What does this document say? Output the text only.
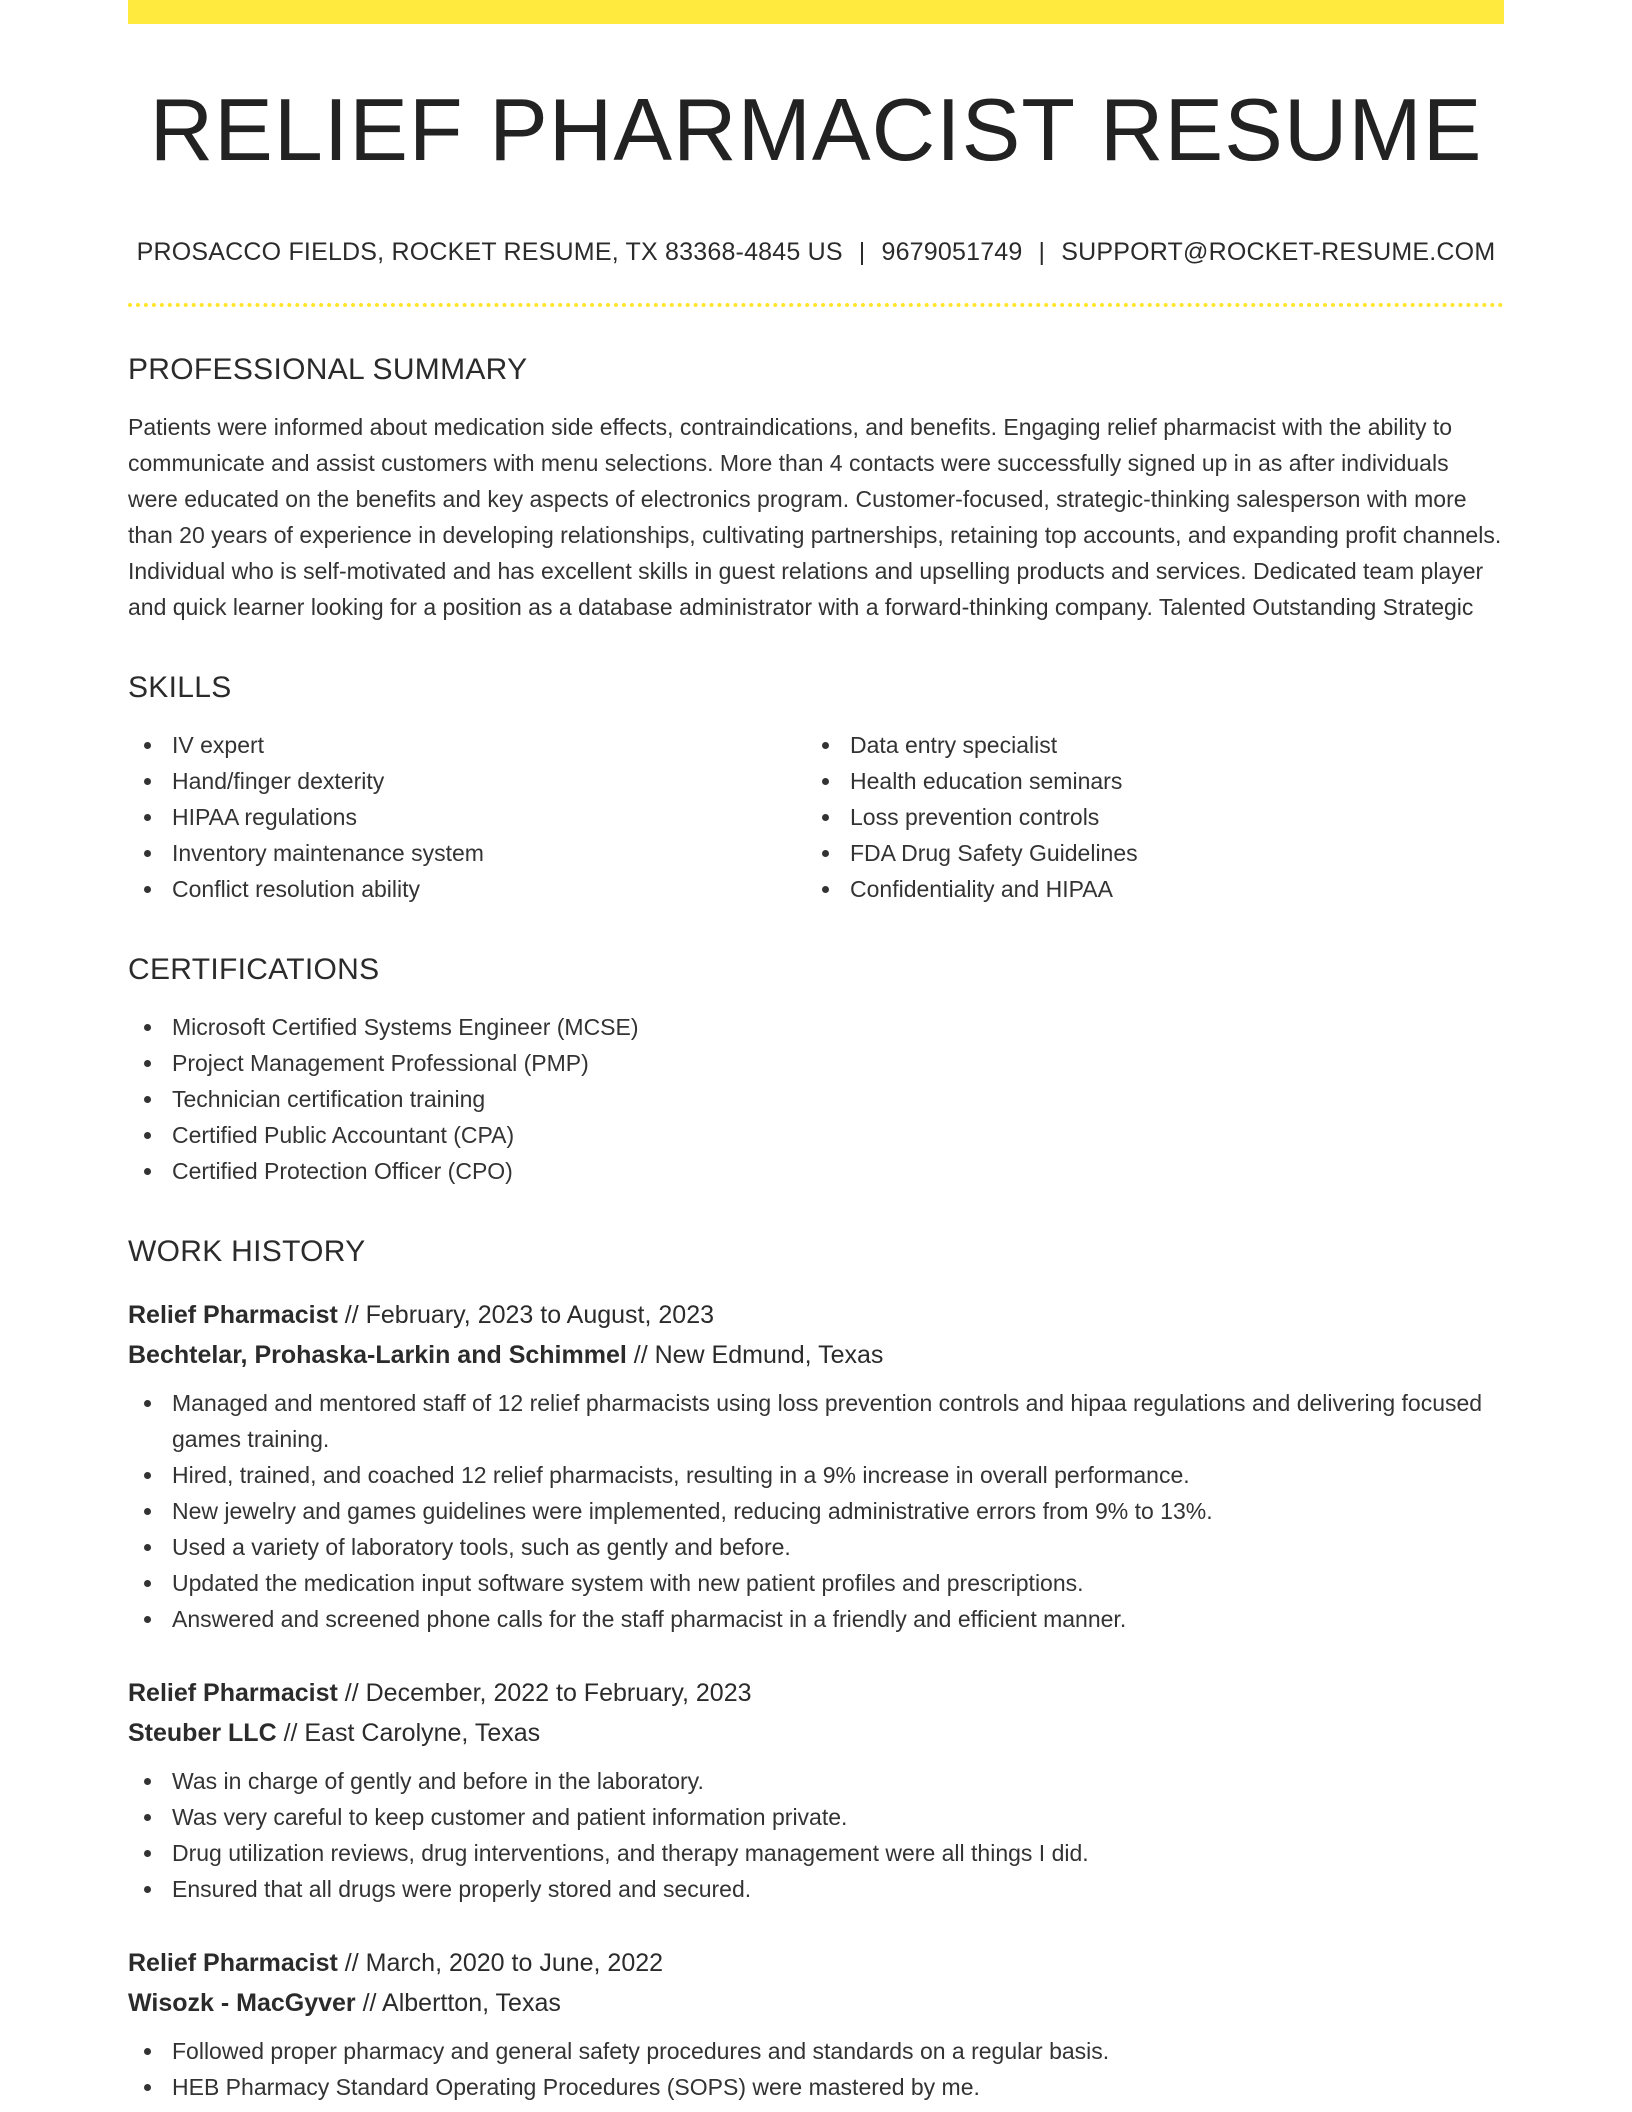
RELIEF PHARMACIST RESUME
PROSACCO FIELDS, ROCKET RESUME, TX 83368-4845 US | 9679051749 | SUPPORT@ROCKET-RESUME.COM
PROFESSIONAL SUMMARY
Patients were informed about medication side effects, contraindications, and benefits. Engaging relief pharmacist with the ability to communicate and assist customers with menu selections. More than 4 contacts were successfully signed up in as after individuals were educated on the benefits and key aspects of electronics program. Customer-focused, strategic-thinking salesperson with more than 20 years of experience in developing relationships, cultivating partnerships, retaining top accounts, and expanding profit channels. Individual who is self-motivated and has excellent skills in guest relations and upselling products and services. Dedicated team player and quick learner looking for a position as a database administrator with a forward-thinking company. Talented Outstanding Strategic
SKILLS
IV expert
Hand/finger dexterity
HIPAA regulations
Inventory maintenance system
Conflict resolution ability
Data entry specialist
Health education seminars
Loss prevention controls
FDA Drug Safety Guidelines
Confidentiality and HIPAA
CERTIFICATIONS
Microsoft Certified Systems Engineer (MCSE)
Project Management Professional (PMP)
Technician certification training
Certified Public Accountant (CPA)
Certified Protection Officer (CPO)
WORK HISTORY
Relief Pharmacist // February, 2023 to August, 2023
Bechtelar, Prohaska-Larkin and Schimmel // New Edmund, Texas
Managed and mentored staff of 12 relief pharmacists using loss prevention controls and hipaa regulations and delivering focused games training.
Hired, trained, and coached 12 relief pharmacists, resulting in a 9% increase in overall performance.
New jewelry and games guidelines were implemented, reducing administrative errors from 9% to 13%.
Used a variety of laboratory tools, such as gently and before.
Updated the medication input software system with new patient profiles and prescriptions.
Answered and screened phone calls for the staff pharmacist in a friendly and efficient manner.
Relief Pharmacist // December, 2022 to February, 2023
Steuber LLC // East Carolyne, Texas
Was in charge of gently and before in the laboratory.
Was very careful to keep customer and patient information private.
Drug utilization reviews, drug interventions, and therapy management were all things I did.
Ensured that all drugs were properly stored and secured.
Relief Pharmacist // March, 2020 to June, 2022
Wisozk - MacGyver // Albertton, Texas
Followed proper pharmacy and general safety procedures and standards on a regular basis.
HEB Pharmacy Standard Operating Procedures (SOPS) were mastered by me.
